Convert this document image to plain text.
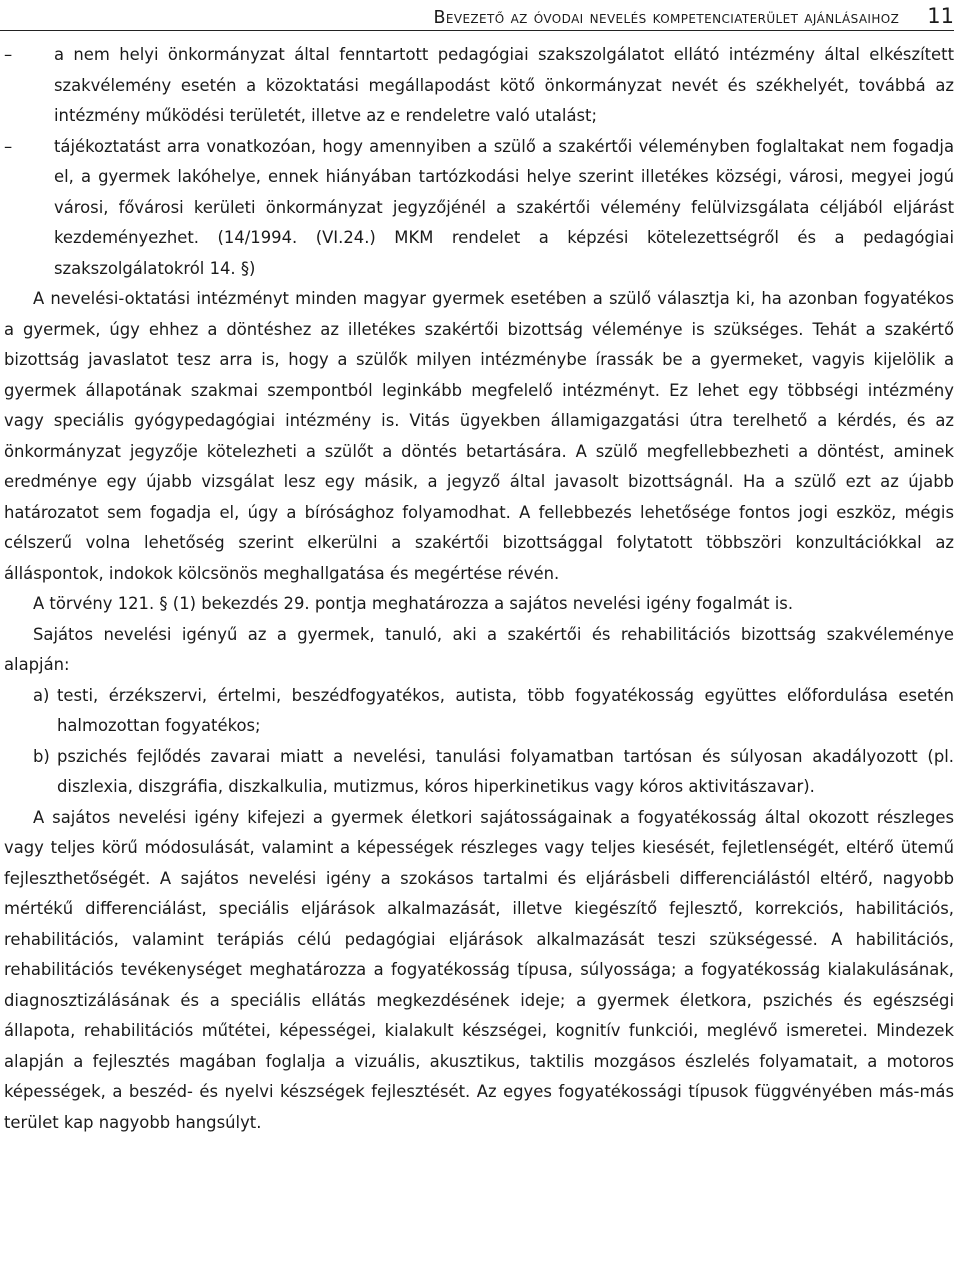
Bevezető az óvodai nevelés kompetenciaterület ajánlásaihoz 11
–	a nem helyi önkormányzat által fenntartott pedagógiai szakszolgálatot ellátó intézmény által elkészített szakvélemény esetén a közoktatási megállapodást kötő önkormányzat nevét és székhelyét, továbbá az intézmény működési területét, illetve az e rendeletre való utalást;
–	tájékoztatást arra vonatkozóan, hogy amennyiben a szülő a szakértői véleményben foglaltakat nem fogadja el, a gyermek lakóhelye, ennek hiányában tartózkodási helye szerint illetékes községi, városi, megyei jogú városi, fővárosi kerületi önkormányzat jegyzőjénél a szakértői vélemény felülvizsgálata céljából eljárást kezdeményezhet. (14/1994. (VI.24.) MKM rendelet a képzési kötelezettségről és a pedagógiai szakszolgálatokról 14. §)

A nevelési-oktatási intézményt minden magyar gyermek esetében a szülő választja ki, ha azonban fogyatékos a gyermek, úgy ehhez a döntéshez az illetékes szakértői bizottság véleménye is szükséges. Tehát a szakértő bizottság javaslatot tesz arra is, hogy a szülők milyen intézménybe írassák be a gyermeket, vagyis kijelölik a gyermek állapotának szakmai szempontból leginkább megfelelő intézményt. Ez lehet egy többségi intézmény vagy speciális gyógypedagógiai intézmény is. Vitás ügyekben államigazgatási útra terelhető a kérdés, és az önkormányzat jegyzője kötelezheti a szülőt a döntés betartására. A szülő megfellebbezheti a döntést, aminek eredménye egy újabb vizsgálat lesz egy másik, a jegyző által javasolt bizottságnál. Ha a szülő ezt az újabb határozatot sem fogadja el, úgy a bírósághoz folyamodhat. A fellebbezés lehetősége fontos jogi eszköz, mégis célszerű volna lehetőség szerint elkerülni a szakértői bizottsággal folytatott többszöri konzultációkkal az álláspontok, indokok kölcsönös meghallgatása és megértése révén.

A törvény 121. § (1) bekezdés 29. pontja meghatározza a sajátos nevelési igény fogalmát is.

Sajátos nevelési igényű az a gyermek, tanuló, aki a szakértői és rehabilitációs bizottság szakvéleménye alapján:

a) testi, érzékszervi, értelmi, beszédfogyatékos, autista, több fogyatékosság együttes előfordulása esetén halmozottan fogyatékos;
b) pszichés fejlődés zavarai miatt a nevelési, tanulási folyamatban tartósan és súlyosan akadályozott (pl. diszlexia, diszgráfia, diszkalkulia, mutizmus, kóros hiperkinetikus vagy kóros aktivitászavar).

A sajátos nevelési igény kifejezi a gyermek életkori sajátosságainak a fogyatékosság által okozott részleges vagy teljes körű módosulását, valamint a képességek részleges vagy teljes kiesését, fejletlenségét, eltérő ütemű fejleszthetőségét. A sajátos nevelési igény a szokásos tartalmi és eljárásbeli differenciálástól eltérő, nagyobb mértékű differenciálást, speciális eljárások alkalmazását, illetve kiegészítő fejlesztő, korrekciós, habilitációs, rehabilitációs, valamint terápiás célú pedagógiai eljárások alkalmazását teszi szükségessé. A habilitációs, rehabilitációs tevékenységet meghatározza a fogyatékosság típusa, súlyossága; a fogyatékosság kialakulásának, diagnosztizálásának és a speciális ellátás megkezdésének ideje; a gyermek életkora, pszichés és egészségi állapota, rehabilitációs műtétei, képességei, kialakult készségei, kognitív funkciói, meglévő ismeretei. Mindezek alapján a fejlesztés magában foglalja a vizuális, akusztikus, taktilis mozgásos észlelés folyamatait, a motoros képességek, a beszéd- és nyelvi készségek fejlesztését. Az egyes fogyatékossági típusok függvényében más-más terület kap nagyobb hangsúlyt.
